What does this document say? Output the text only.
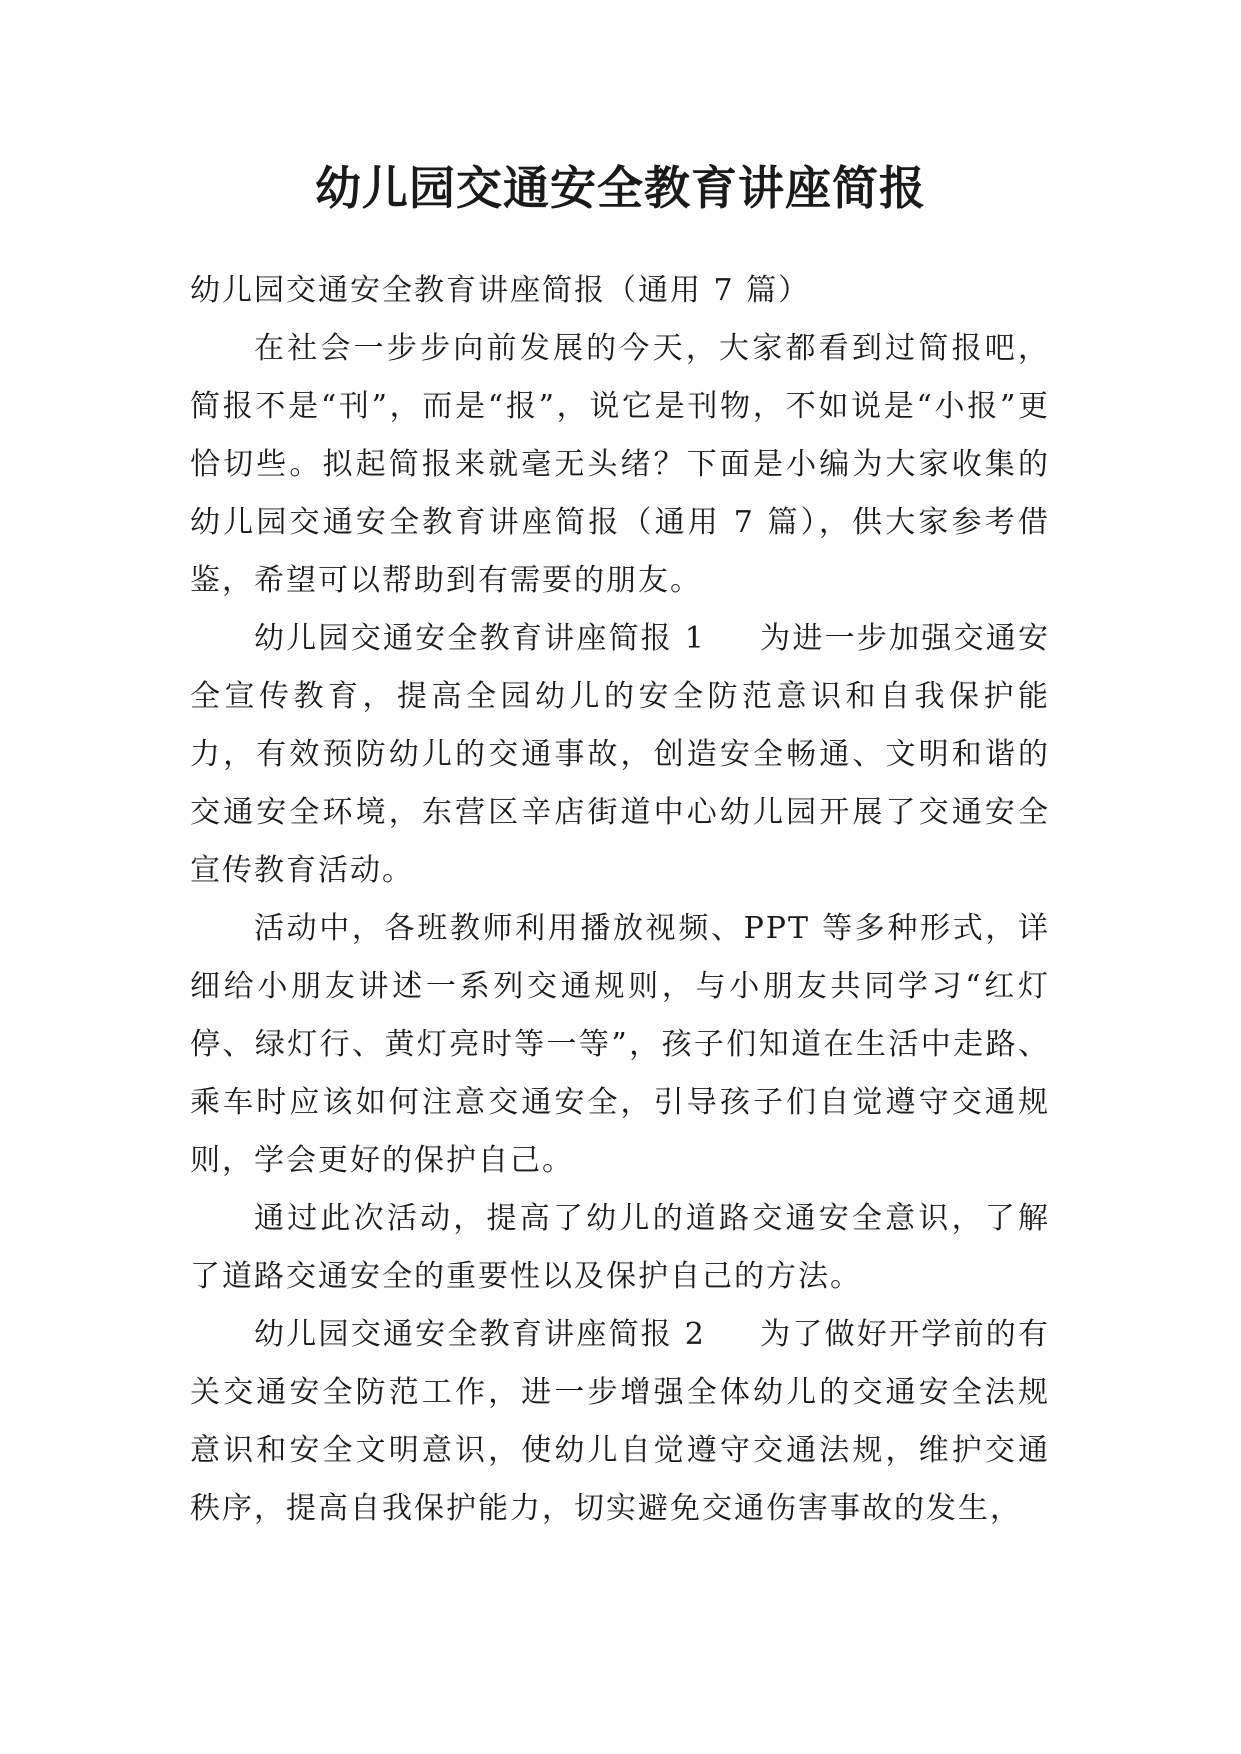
幼儿园交通安全教育讲座简报

幼儿园交通安全教育讲座简报（通用 7 篇）

在社会一步步向前发展的今天，大家都看到过简报吧，简报不是“刊”，而是“报”，说它是刊物，不如说是“小报”更恰切些。拟起简报来就毫无头绪？下面是小编为大家收集的幼儿园交通安全教育讲座简报（通用 7 篇），供大家参考借鉴，希望可以帮助到有需要的朋友。

幼儿园交通安全教育讲座简报 1 为进一步加强交通安全宣传教育，提高全园幼儿的安全防范意识和自我保护能力，有效预防幼儿的交通事故，创造安全畅通、文明和谐的交通安全环境，东营区辛店街道中心幼儿园开展了交通安全宣传教育活动。

活动中，各班教师利用播放视频、PPT 等多种形式，详细给小朋友讲述一系列交通规则，与小朋友共同学习“红灯停、绿灯行、黄灯亮时等一等”，孩子们知道在生活中走路、乘车时应该如何注意交通安全，引导孩子们自觉遵守交通规则，学会更好的保护自己。

通过此次活动，提高了幼儿的道路交通安全意识，了解了道路交通安全的重要性以及保护自己的方法。

幼儿园交通安全教育讲座简报 2 为了做好开学前的有关交通安全防范工作，进一步增强全体幼儿的交通安全法规意识和安全文明意识，使幼儿自觉遵守交通法规，维护交通秩序，提高自我保护能力，切实避免交通伤害事故的发生，
